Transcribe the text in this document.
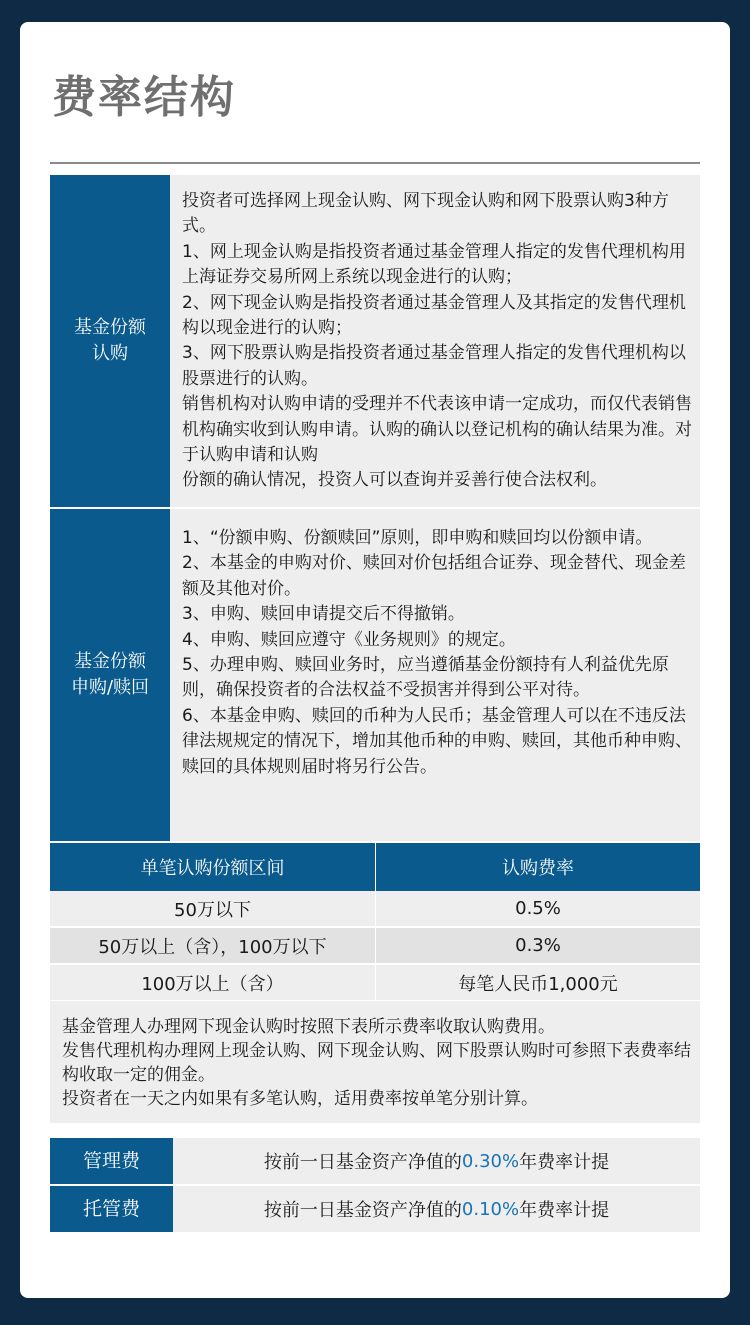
费率结构
基金份额
认购

投资者可选择网上现金认购、网下现金认购和网下股票认购3种方式。

1、网上现金认购是指投资者通过基金管理人指定的发售代理机构用上海证券交易所网上系统以现金进行的认购；

2、网下现金认购是指投资者通过基金管理人及其指定的发售代理机构以现金进行的认购；

3、网下股票认购是指投资者通过基金管理人指定的发售代理机构以股票进行的认购。

销售机构对认购申请的受理并不代表该申请一定成功，而仅代表销售机构确实收到认购申请。认购的确认以登记机构的确认结果为准。对于认购申请和认购

份额的确认情况，投资人可以查询并妥善行使合法权利。

基金份额
申购/赎回

1、“份额申购、份额赎回”原则，即申购和赎回均以份额申请。

2、本基金的申购对价、赎回对价包括组合证券、现金替代、现金差额及其他对价。

3、申购、赎回申请提交后不得撤销。

4、申购、赎回应遵守《业务规则》的规定。

5、办理申购、赎回业务时，应当遵循基金份额持有人利益优先原则，确保投资者的合法权益不受损害并得到公平对待。

6、本基金申购、赎回的币种为人民币；基金管理人可以在不违反法律法规规定的情况下，增加其他币种的申购、赎回，其他币种申购、赎回的具体规则届时将另行公告。

单笔认购份额区间	认购费率
50万以下	0.5%
50万以上（含），100万以下	0.3%
100万以上（含）	每笔人民币1,000元

基金管理人办理网下现金认购时按照下表所示费率收取认购费用。

发售代理机构办理网上现金认购、网下现金认购、网下股票认购时可参照下表费率结构收取一定的佣金。

投资者在一天之内如果有多笔认购，适用费率按单笔分别计算。

管理费	按前一日基金资产净值的 0.30% 年费率计提
托管费	按前一日基金资产净值的 0.10% 年费率计提
